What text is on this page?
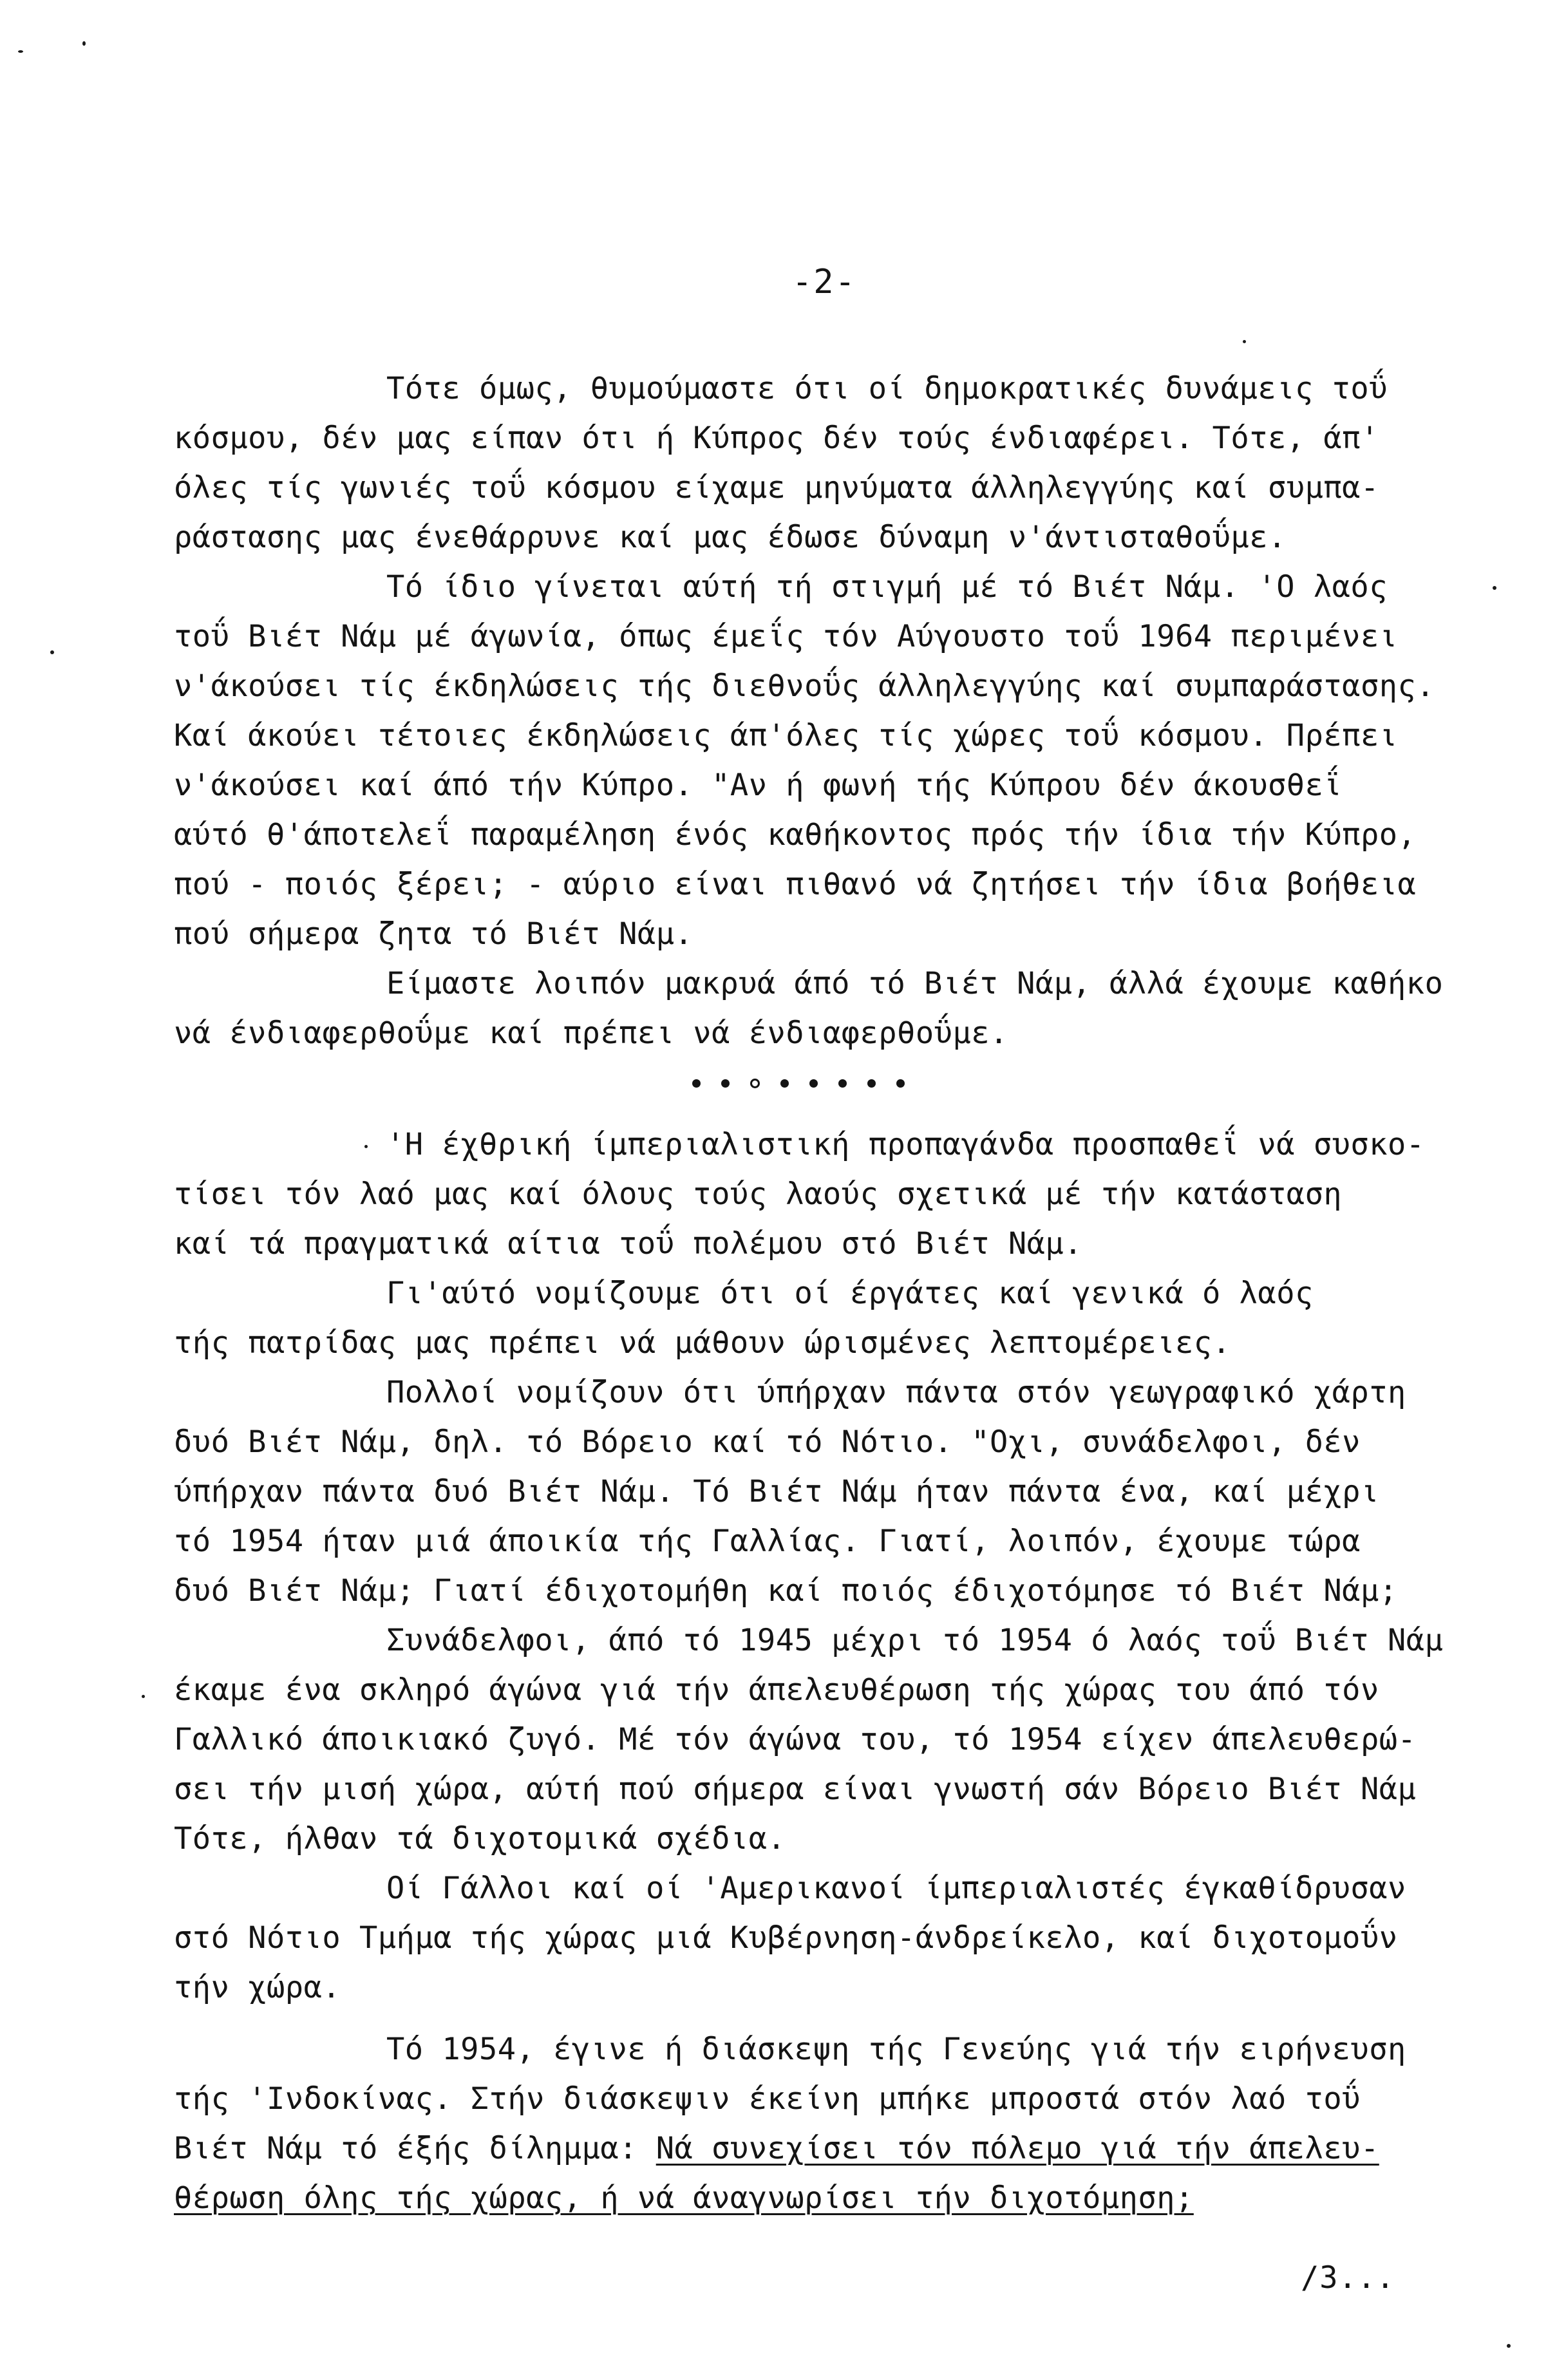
-2-
Τότε όμως, θυμούμαστε ότι οί δημοκρατικές δυνάμεις τοΰ
κόσμου, δέν μας είπαν ότι ή Κύπρος δέν τούς ένδιαφέρει. Τότε, άπ'
όλες τίς γωνιές τοΰ κόσμου είχαμε μηνύματα άλληλεγγύης καί συμπα-
ράστασης μας ένεθάρρυνε καί μας έδωσε δύναμη ν'άντισταθοΰμε.
Τό ίδιο γίνεται αύτή τή στιγμή μέ τό Βιέτ Νάμ. 'Ο λαός
τοΰ Βιέτ Νάμ μέ άγωνία, όπως έμεΐς τόν Αύγουστο τοΰ 1964 περιμένει
ν'άκούσει τίς έκδηλώσεις τής διεθνοΰς άλληλεγγύης καί συμπαράστασης.
Καί άκούει τέτοιες έκδηλώσεις άπ'όλες τίς χώρες τοΰ κόσμου. Πρέπει
ν'άκούσει καί άπό τήν Κύπρο. "Αν ή φωνή τής Κύπρου δέν άκουσθεΐ
αύτό θ'άποτελεΐ παραμέληση ένός καθήκοντος πρός τήν ίδια τήν Κύπρο,
πού - ποιός ξέρει; - αύριο είναι πιθανό νά ζητήσει τήν ίδια βοήθεια
πού σήμερα ζητα τό Βιέτ Νάμ.
Είμαστε λοιπόν μακρυά άπό τό Βιέτ Νάμ, άλλά έχουμε καθήκο
νά ένδιαφερθοΰμε καί πρέπει νά ένδιαφερθοΰμε.
'Η έχθρική ίμπεριαλιστική προπαγάνδα προσπαθεΐ νά συσκο-
τίσει τόν λαό μας καί όλους τούς λαούς σχετικά μέ τήν κατάσταση
καί τά πραγματικά αίτια τοΰ πολέμου στό Βιέτ Νάμ.
Γι'αύτό νομίζουμε ότι οί έργάτες καί γενικά ό λαός
τής πατρίδας μας πρέπει νά μάθουν ώρισμένες λεπτομέρειες.
Πολλοί νομίζουν ότι ύπήρχαν πάντα στόν γεωγραφικό χάρτη
δυό Βιέτ Νάμ, δηλ. τό Βόρειο καί τό Νότιο. "Οχι, συνάδελφοι, δέν
ύπήρχαν πάντα δυό Βιέτ Νάμ. Τό Βιέτ Νάμ ήταν πάντα ένα, καί μέχρι
τό 1954 ήταν μιά άποικία τής Γαλλίας. Γιατί, λοιπόν, έχουμε τώρα
δυό Βιέτ Νάμ; Γιατί έδιχοτομήθη καί ποιός έδιχοτόμησε τό Βιέτ Νάμ;
Συνάδελφοι, άπό τό 1945 μέχρι τό 1954 ό λαός τοΰ Βιέτ Νάμ
έκαμε ένα σκληρό άγώνα γιά τήν άπελευθέρωση τής χώρας του άπό τόν
Γαλλικό άποικιακό ζυγό. Μέ τόν άγώνα του, τό 1954 είχεν άπελευθερώ-
σει τήν μισή χώρα, αύτή πού σήμερα είναι γνωστή σάν Βόρειο Βιέτ Νάμ
Τότε, ήλθαν τά διχοτομικά σχέδια.
Οί Γάλλοι καί οί 'Αμερικανοί ίμπεριαλιστές έγκαθίδρυσαν
στό Νότιο Τμήμα τής χώρας μιά Κυβέρνηση-άνδρείκελο, καί διχοτομοΰν
τήν χώρα.
Τό 1954, έγινε ή διάσκεψη τής Γενεύης γιά τήν ειρήνευση
τής 'Ινδοκίνας. Στήν διάσκεψιν έκείνη μπήκε μπροστά στόν λαό τοΰ
Βιέτ Νάμ τό έξής δίλημμα: Νά συνεχίσει τόν πόλεμο γιά τήν άπελευ-
θέρωση όλης τής χώρας, ή νά άναγνωρίσει τήν διχοτόμηση;
/3...
